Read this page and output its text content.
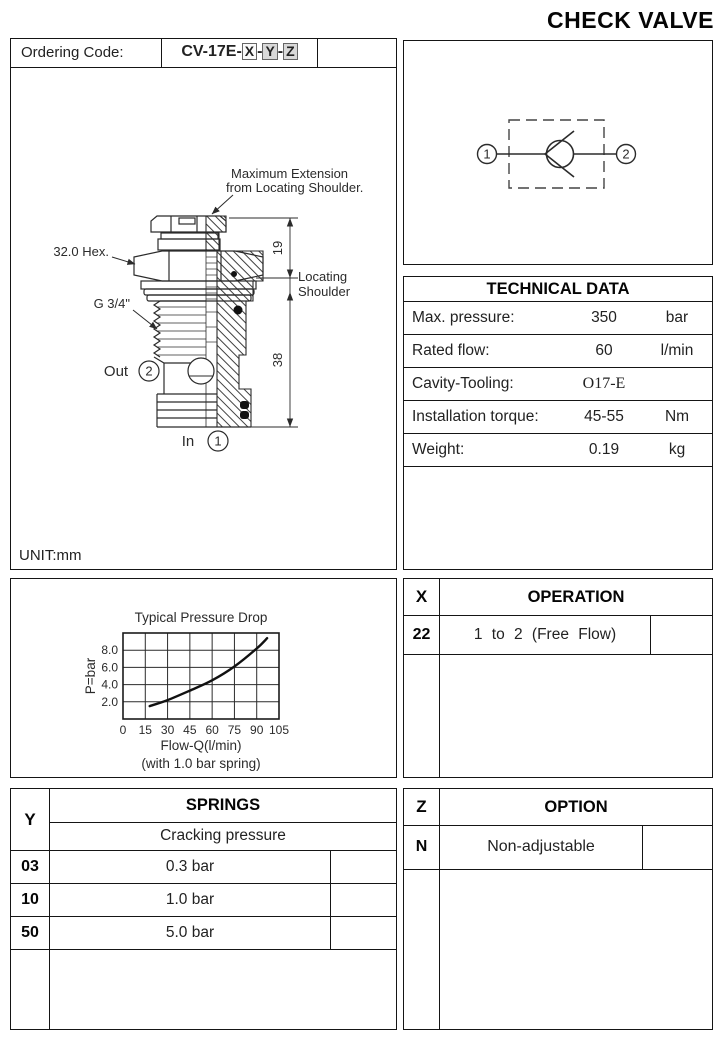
CHECK VALVE
Ordering Code:	CV-17E- X - Y - Z
19
38
Locating
Shoulder
Maximum Extension
from Locating Shoulder.
32.0 Hex.
G 3/4"
Out 2
In 1
UNIT:mm
1	2
TECHNICAL DATA
Max. pressure:	350	bar
Rated flow:	60	l/min
Cavity-Tooling:	O17-E
Installation torque:	45-55	Nm
Weight:	0.19	kg
Typical Pressure Drop
P=bar
0 15 30 45 60 75 90 105
2.0
4.0
6.0
8.0
Flow-Q(l/min)
(with 1.0 bar spring)
X	OPERATION
22	1 to 2 (Free Flow)
Y
SPRINGS
Cracking pressure
03	0.3 bar
10	1.0 bar
50	5.0 bar
Z	OPTION
N	Non-adjustable
